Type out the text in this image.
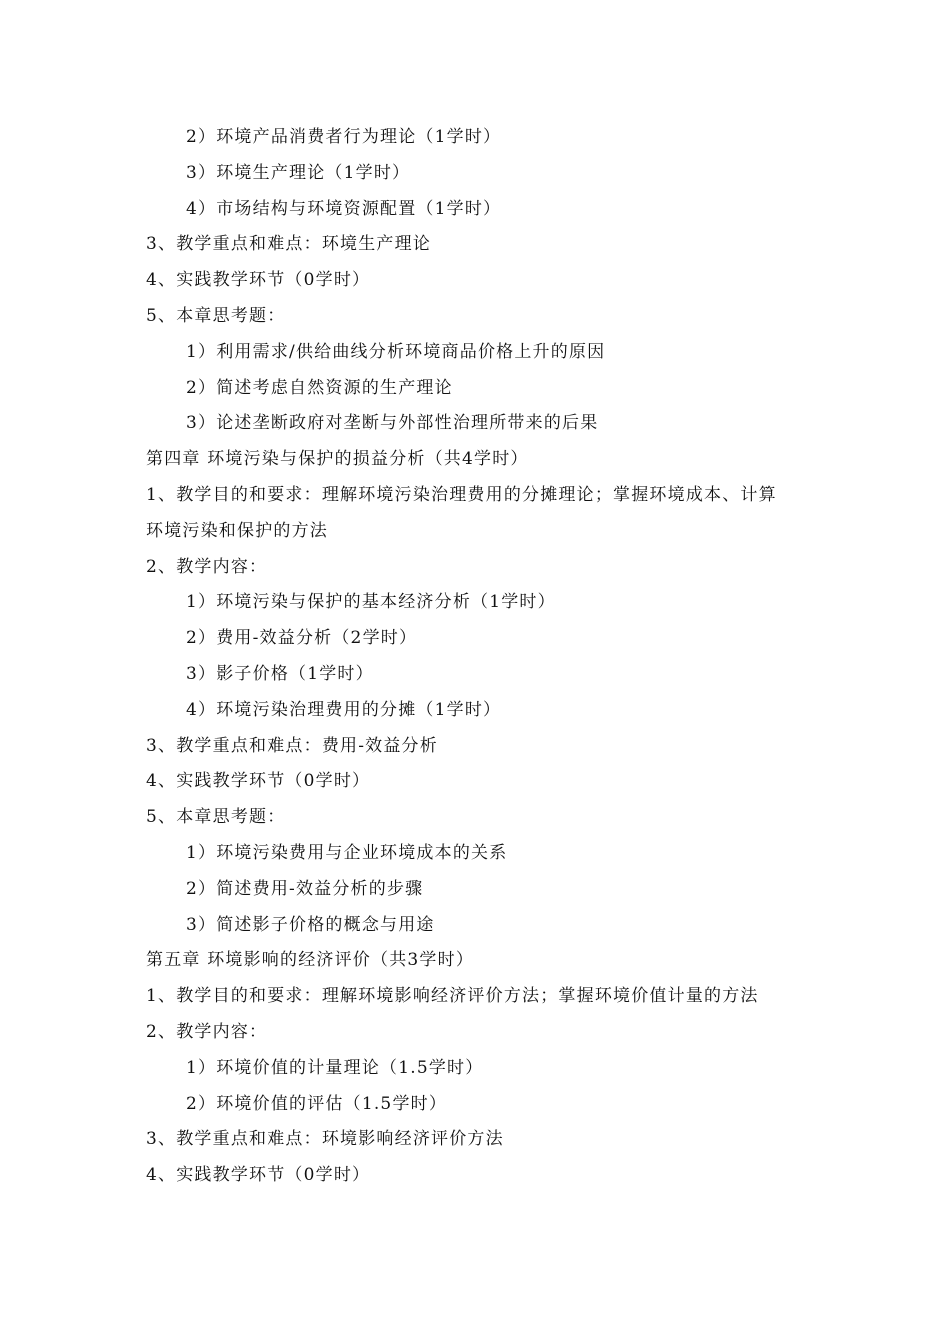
2）环境产品消费者行为理论（1学时）
3）环境生产理论（1学时）
4）市场结构与环境资源配置（1学时）
3、教学重点和难点：环境生产理论
4、实践教学环节（0学时）
5、本章思考题：
1）利用需求/供给曲线分析环境商品价格上升的原因
2）简述考虑自然资源的生产理论
3）论述垄断政府对垄断与外部性治理所带来的后果
第四章 环境污染与保护的损益分析（共4学时）
1、教学目的和要求：理解环境污染治理费用的分摊理论；掌握环境成本、计算
环境污染和保护的方法
2、教学内容：
1）环境污染与保护的基本经济分析（1学时）
2）费用-效益分析（2学时）
3）影子价格（1学时）
4）环境污染治理费用的分摊（1学时）
3、教学重点和难点：费用-效益分析
4、实践教学环节（0学时）
5、本章思考题：
1）环境污染费用与企业环境成本的关系
2）简述费用-效益分析的步骤
3）简述影子价格的概念与用途
第五章 环境影响的经济评价（共3学时）
1、教学目的和要求：理解环境影响经济评价方法；掌握环境价值计量的方法
2、教学内容：
1）环境价值的计量理论（1.5学时）
2）环境价值的评估（1.5学时）
3、教学重点和难点：环境影响经济评价方法
4、实践教学环节（0学时）
